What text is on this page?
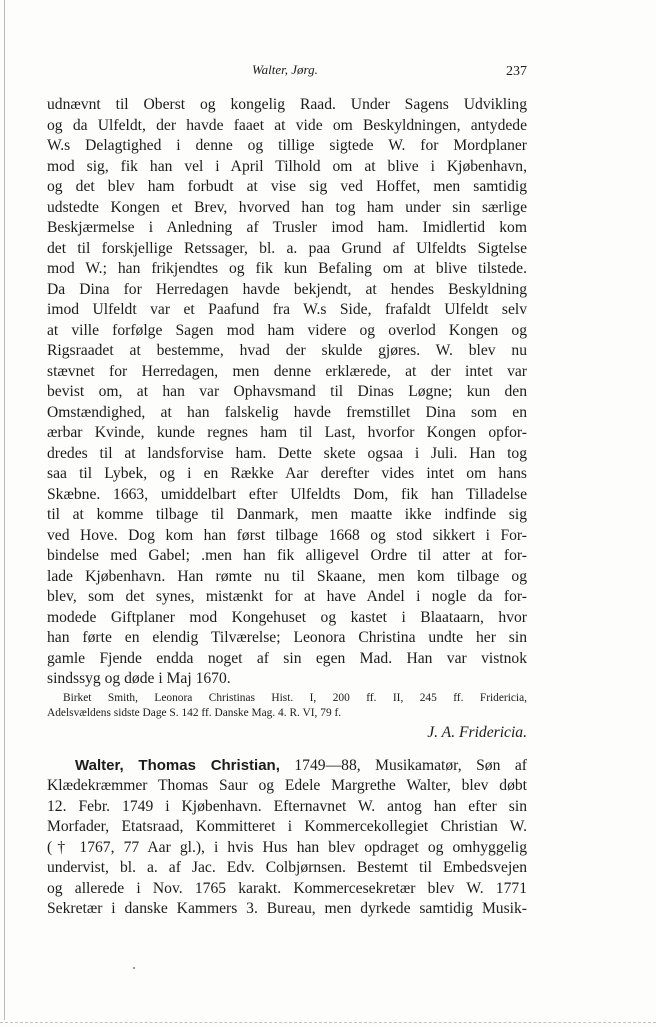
Walter, Jørg.	237
udnævnt til Oberst og kongelig Raad. Under Sagens Udvikling
og da Ulfeldt, der havde faaet at vide om Beskyldningen, antydede
W.s Delagtighed i denne og tillige sigtede W. for Mordplaner
mod sig, fik han vel i April Tilhold om at blive i Kjøbenhavn,
og det blev ham forbudt at vise sig ved Hoffet, men samtidig
udstedte Kongen et Brev, hvorved han tog ham under sin særlige
Beskjærmelse i Anledning af Trusler imod ham. Imidlertid kom
det til forskjellige Retssager, bl. a. paa Grund af Ulfeldts Sigtelse
mod W.; han frikjendtes og fik kun Befaling om at blive tilstede.
Da Dina for Herredagen havde bekjendt, at hendes Beskyldning
imod Ulfeldt var et Paafund fra W.s Side, frafaldt Ulfeldt selv
at ville forfølge Sagen mod ham videre og overlod Kongen og
Rigsraadet at bestemme, hvad der skulde gjøres. W. blev nu
stævnet for Herredagen, men denne erklærede, at der intet var
bevist om, at han var Ophavsmand til Dinas Løgne; kun den
Omstændighed, at han falskelig havde fremstillet Dina som en
ærbar Kvinde, kunde regnes ham til Last, hvorfor Kongen opfor-
dredes til at landsforvise ham. Dette skete ogsaa i Juli. Han tog
saa til Lybek, og i en Række Aar derefter vides intet om hans
Skæbne. 1663, umiddelbart efter Ulfeldts Dom, fik han Tilladelse
til at komme tilbage til Danmark, men maatte ikke indfinde sig
ved Hove. Dog kom han først tilbage 1668 og stod sikkert i For-
bindelse med Gabel; .men han fik alligevel Ordre til atter at for-
lade Kjøbenhavn. Han rømte nu til Skaane, men kom tilbage og
blev, som det synes, mistænkt for at have Andel i nogle da for-
modede Giftplaner mod Kongehuset og kastet i Blaataarn, hvor
han førte en elendig Tilværelse; Leonora Christina undte her sin
gamle Fjende endda noget af sin egen Mad. Han var vistnok
sindssyg og døde i Maj 1670.
Birket Smith, Leonora Christinas Hist. I, 200 ff. II, 245 ff. Fridericia,
Adelsvældens sidste Dage S. 142 ff. Danske Mag. 4. R. VI, 79 f.
J. A. Fridericia.
Walter, Thomas Christian, 1749—88, Musikamatør, Søn af
Klædekræmmer Thomas Saur og Edele Margrethe Walter, blev døbt
12. Febr. 1749 i Kjøbenhavn. Efternavnet W. antog han efter sin
Morfader, Etatsraad, Kommitteret i Kommercekollegiet Christian W.
(† 1767, 77 Aar gl.), i hvis Hus han blev opdraget og omhyggelig
undervist, bl. a. af Jac. Edv. Colbjørnsen. Bestemt til Embedsvejen
og allerede i Nov. 1765 karakt. Kommercesekretær blev W. 1771
Sekretær i danske Kammers 3. Bureau, men dyrkede samtidig Musik-
